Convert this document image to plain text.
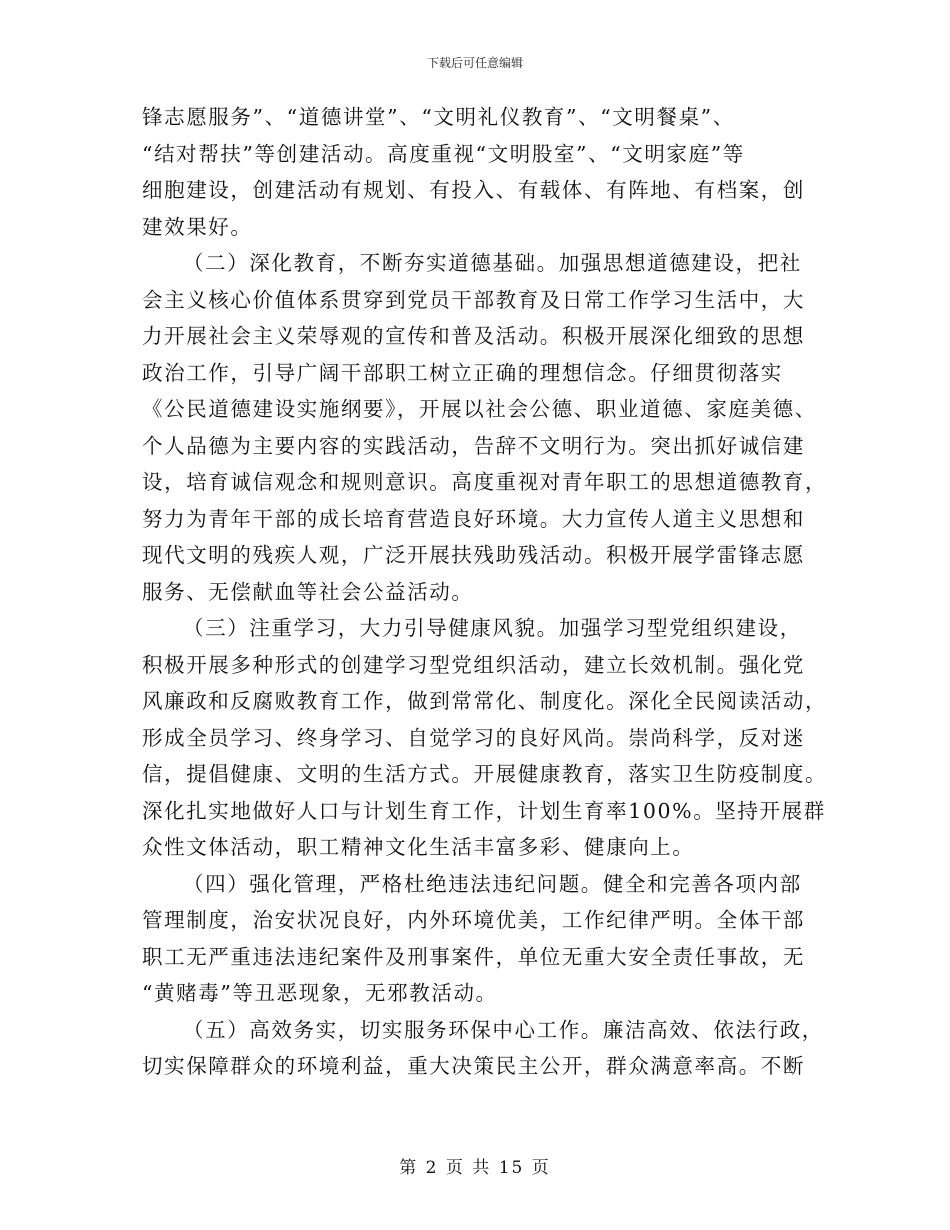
下载后可任意编辑
锋志愿服务”、“道德讲堂”、“文明礼仪教育”、“文明餐桌”、
“结对帮扶”等创建活动。高度重视“文明股室”、“文明家庭”等
细胞建设，创建活动有规划、有投入、有载体、有阵地、有档案，创
建效果好。
（二）深化教育，不断夯实道德基础。加强思想道德建设，把社
会主义核心价值体系贯穿到党员干部教育及日常工作学习生活中，大
力开展社会主义荣辱观的宣传和普及活动。积极开展深化细致的思想
政治工作，引导广阔干部职工树立正确的理想信念。仔细贯彻落实
《公民道德建设实施纲要》，开展以社会公德、职业道德、家庭美德、
个人品德为主要内容的实践活动，告辞不文明行为。突出抓好诚信建
设，培育诚信观念和规则意识。高度重视对青年职工的思想道德教育，
努力为青年干部的成长培育营造良好环境。大力宣传人道主义思想和
现代文明的残疾人观，广泛开展扶残助残活动。积极开展学雷锋志愿
服务、无偿献血等社会公益活动。
（三）注重学习，大力引导健康风貌。加强学习型党组织建设，
积极开展多种形式的创建学习型党组织活动，建立长效机制。强化党
风廉政和反腐败教育工作，做到常常化、制度化。深化全民阅读活动，
形成全员学习、终身学习、自觉学习的良好风尚。崇尚科学，反对迷
信，提倡健康、文明的生活方式。开展健康教育，落实卫生防疫制度。
深化扎实地做好人口与计划生育工作，计划生育率100%。坚持开展群
众性文体活动，职工精神文化生活丰富多彩、健康向上。
（四）强化管理，严格杜绝违法违纪问题。健全和完善各项内部
管理制度，治安状况良好，内外环境优美，工作纪律严明。全体干部
职工无严重违法违纪案件及刑事案件，单位无重大安全责任事故，无
“黄赌毒”等丑恶现象，无邪教活动。
（五）高效务实，切实服务环保中心工作。廉洁高效、依法行政，
切实保障群众的环境利益，重大决策民主公开，群众满意率高。不断
第 2 页 共 15 页
